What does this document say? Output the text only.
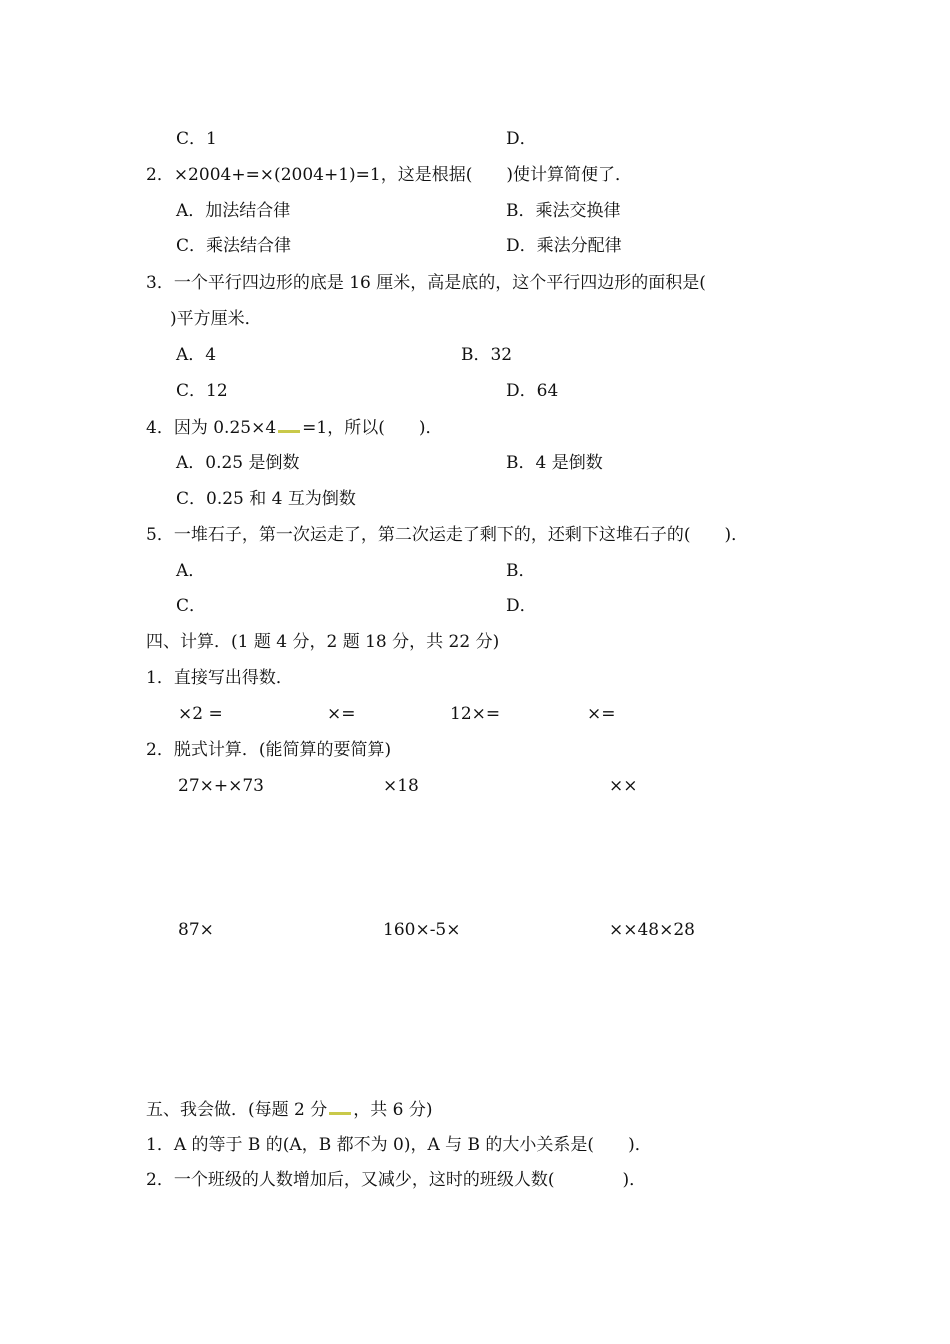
C．1	D．
2．×2004+=×(2004+1)=1，这是根据(　　)使计算简便了．
A．加法结合律	B．乘法交换律
C．乘法结合律	D．乘法分配律
3．一个平行四边形的底是 16 厘米，高是底的，这个平行四边形的面积是(
)平方厘米．
A．4	B．32
C．12	D．64
4．因为 0.25×4 =1，所以(　　)．
A．0.25 是倒数	B．4 是倒数
C．0.25 和 4 互为倒数
5．一堆石子，第一次运走了，第二次运走了剩下的，还剩下这堆石子的(　　)．
A．	B．
C．	D．
四、计算．(1 题 4 分，2 题 18 分，共 22 分)
1．直接写出得数．
×2 =	×=	12×=	×=
2．脱式计算．(能简算的要简算)
27×+×73	×18	××
87×	160×-5×	××48×28
五、我会做．(每题 2 分 ，共 6 分)
1．A 的等于 B 的(A，B 都不为 0)，A 与 B 的大小关系是(　　)．
2．一个班级的人数增加后，又减少，这时的班级人数(　　　　)．
